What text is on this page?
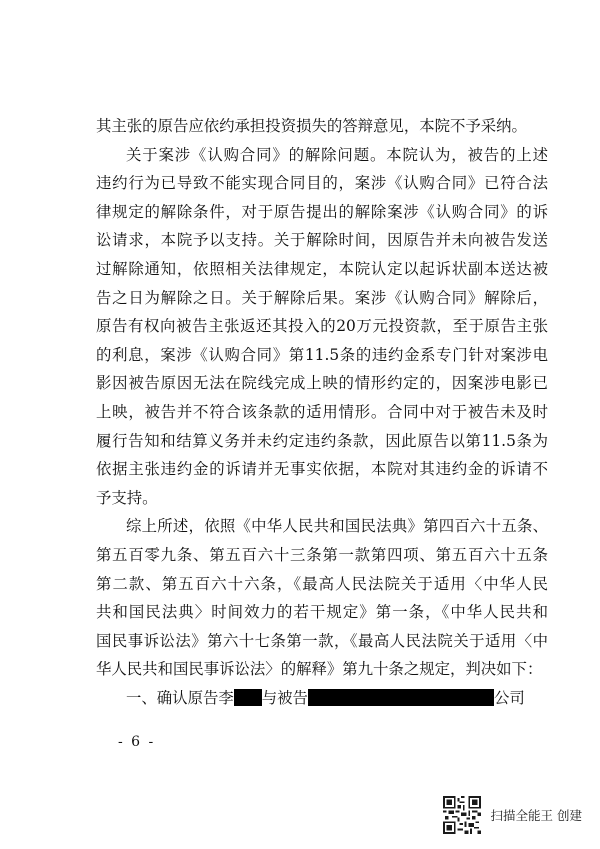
其主张的原告应依约承担投资损失的答辩意见，本院不予采纳。
关于案涉《认购合同》的解除问题。本院认为，被告的上述
违约行为已导致不能实现合同目的，案涉《认购合同》已符合法
律规定的解除条件，对于原告提出的解除案涉《认购合同》的诉
讼请求，本院予以支持。关于解除时间，因原告并未向被告发送
过解除通知，依照相关法律规定，本院认定以起诉状副本送达被
告之日为解除之日。关于解除后果。案涉《认购合同》解除后，
原告有权向被告主张返还其投入的20万元投资款，至于原告主张
的利息，案涉《认购合同》第11.5条的违约金系专门针对案涉电
影因被告原因无法在院线完成上映的情形约定的，因案涉电影已
上映，被告并不符合该条款的适用情形。合同中对于被告未及时
履行告知和结算义务并未约定违约条款，因此原告以第11.5条为
依据主张违约金的诉请并无事实依据，本院对其违约金的诉请不
予支持。
综上所述，依照《中华人民共和国民法典》第四百六十五条、
第五百零九条、第五百六十三条第一款第四项、第五百六十五条
第二款、第五百六十六条，《最高人民法院关于适用〈中华人民
共和国民法典〉时间效力的若干规定》第一条，《中华人民共和
国民事诉讼法》第六十七条第一款，《最高人民法院关于适用〈中
华人民共和国民事诉讼法〉的解释》第九十条之规定，判决如下：
一、确认原告李 与被告	公司
- 6 -
扫描全能王 创建
